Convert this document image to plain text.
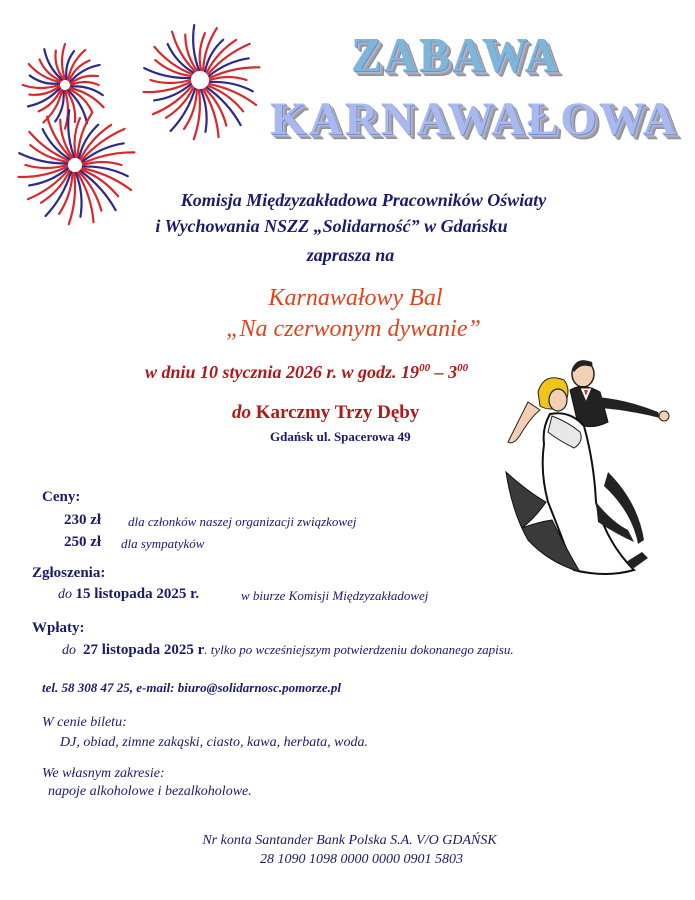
ZABAWA
KARNAWAŁOWA
Komisja Międzyzakładowa Pracowników Oświaty
i Wychowania NSZZ „Solidarność” w Gdańsku
zaprasza na
Karnawałowy Bal
„Na czerwonym dywanie”
w dniu 10 stycznia 2026 r. w godz. $19^{00} - 3^{00}$
do Karczmy Trzy Dęby
Gdańsk ul. Spacerowa 49
Ceny:
230 zł dla członków naszej organizacji związkowej
250 zł dla sympatyków
Zgłoszenia:
do 15 listopada 2025 r.	w biurze Komisji Międzyzakładowej
Wpłaty:
do 27 listopada 2025 r. tylko po wcześniejszym potwierdzeniu dokonanego zapisu.
tel. 58 308 47 25, e-mail: biuro@solidarnosc.pomorze.pl
W cenie biletu:
DJ, obiad, zimne zakąski, ciasto, kawa, herbata, woda.
We własnym zakresie:
napoje alkoholowe i bezalkoholowe.
Nr konta Santander Bank Polska S.A. V/O GDAŃSK
28 1090 1098 0000 0000 0901 5803
